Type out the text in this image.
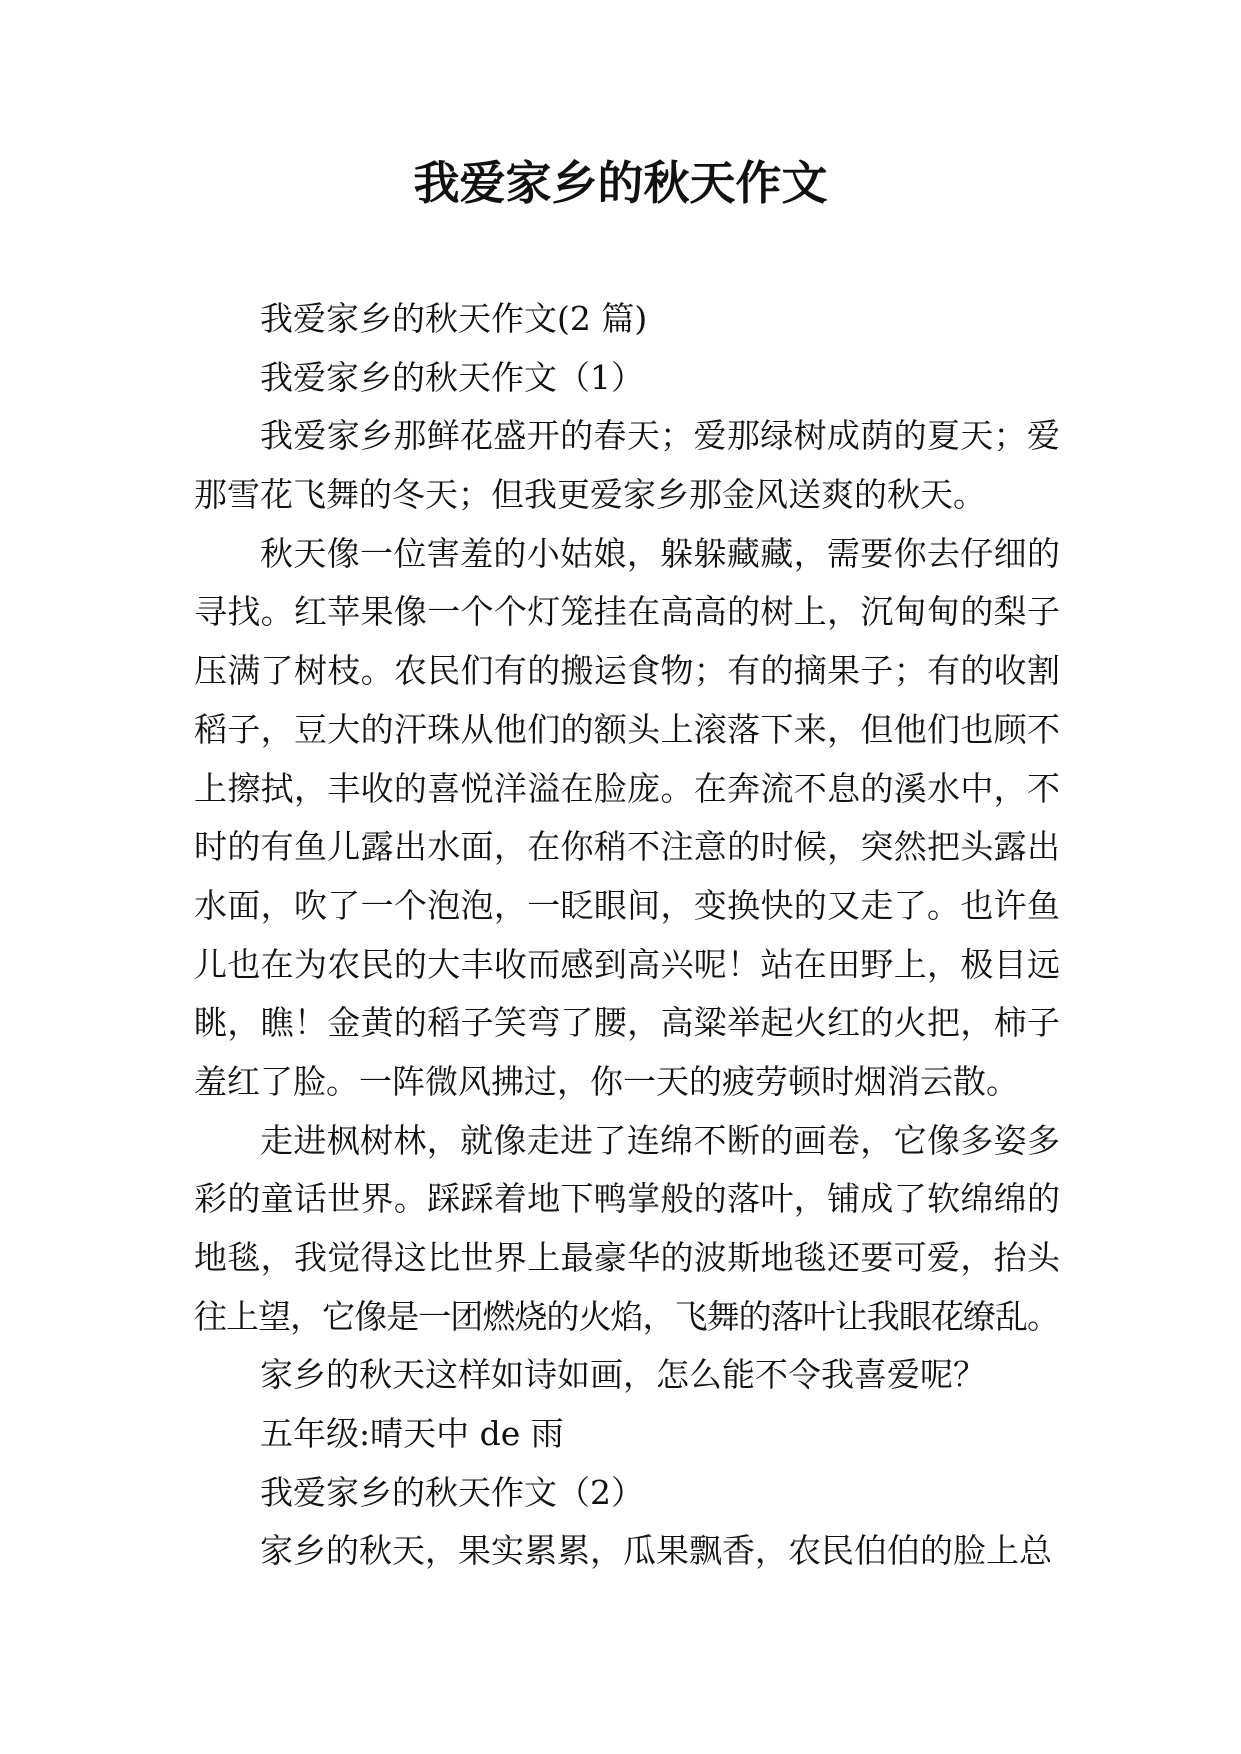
我爱家乡的秋天作文
我爱家乡的秋天作文(2 篇)
我爱家乡的秋天作文（1）
我爱家乡那鲜花盛开的春天；爱那绿树成荫的夏天；爱
那雪花飞舞的冬天；但我更爱家乡那金风送爽的秋天。
秋天像一位害羞的小姑娘，躲躲藏藏，需要你去仔细的
寻找。红苹果像一个个灯笼挂在高高的树上，沉甸甸的梨子
压满了树枝。农民们有的搬运食物；有的摘果子；有的收割
稻子，豆大的汗珠从他们的额头上滚落下来，但他们也顾不
上擦拭，丰收的喜悦洋溢在脸庞。在奔流不息的溪水中，不
时的有鱼儿露出水面，在你稍不注意的时候，突然把头露出
水面，吹了一个泡泡，一眨眼间，变换快的又走了。也许鱼
儿也在为农民的大丰收而感到高兴呢！站在田野上，极目远
眺，瞧！金黄的稻子笑弯了腰，高粱举起火红的火把，柿子
羞红了脸。一阵微风拂过，你一天的疲劳顿时烟消云散。
走进枫树林，就像走进了连绵不断的画卷，它像多姿多
彩的童话世界。踩踩着地下鸭掌般的落叶，铺成了软绵绵的
地毯，我觉得这比世界上最豪华的波斯地毯还要可爱，抬头
往上望，它像是一团燃烧的火焰，飞舞的落叶让我眼花缭乱。
家乡的秋天这样如诗如画，怎么能不令我喜爱呢？
五年级:晴天中 de 雨
我爱家乡的秋天作文（2）
家乡的秋天，果实累累，瓜果飘香，农民伯伯的脸上总
